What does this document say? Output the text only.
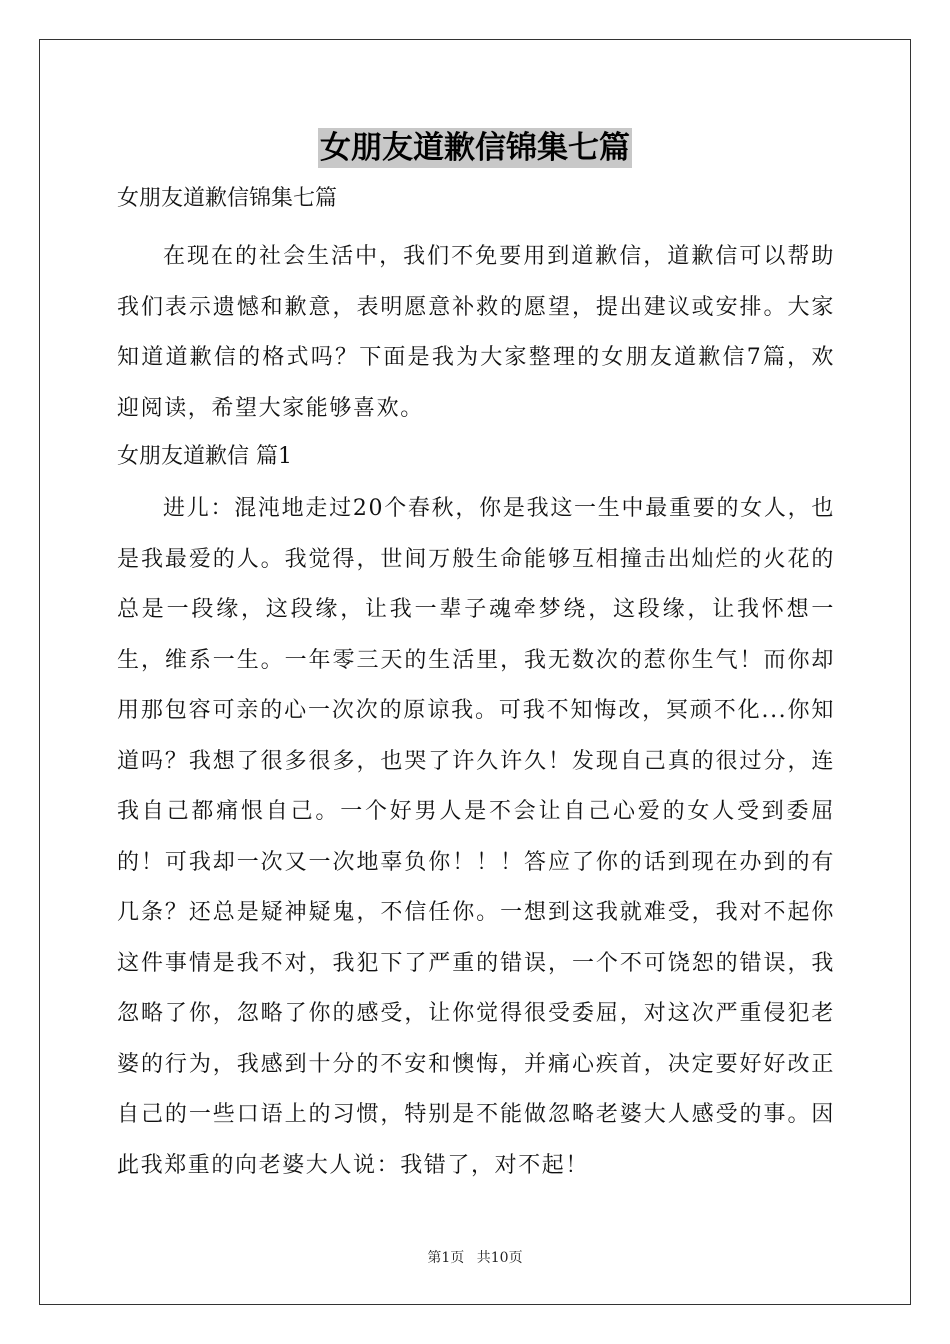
女朋友道歉信锦集七篇

女朋友道歉信锦集七篇

在现在的社会生活中，我们不免要用到道歉信，道歉信可以帮助我们表示遗憾和歉意，表明愿意补救的愿望，提出建议或安排。大家知道道歉信的格式吗？下面是我为大家整理的女朋友道歉信7篇，欢迎阅读，希望大家能够喜欢。

女朋友道歉信 篇1

进儿：混沌地走过20个春秋，你是我这一生中最重要的女人，也是我最爱的人。我觉得，世间万般生命能够互相撞击出灿烂的火花的总是一段缘，这段缘，让我一辈子魂牵梦绕，这段缘，让我怀想一生，维系一生。一年零三天的生活里，我无数次的惹你生气！而你却用那包容可亲的心一次次的原谅我。可我不知悔改，冥顽不化...你知道吗？我想了很多很多，也哭了许久许久！发现自己真的很过分，连我自己都痛恨自己。一个好男人是不会让自己心爱的女人受到委屈的！可我却一次又一次地辜负你！！！答应了你的话到现在办到的有几条？还总是疑神疑鬼，不信任你。一想到这我就难受，我对不起你这件事情是我不对，我犯下了严重的错误，一个不可饶恕的错误，我忽略了你，忽略了你的感受，让你觉得很受委屈，对这次严重侵犯老婆的行为，我感到十分的不安和懊悔，并痛心疾首，决定要好好改正自己的一些口语上的习惯，特别是不能做忽略老婆大人感受的事。因此我郑重的向老婆大人说：我错了，对不起！

第1页 共10页
